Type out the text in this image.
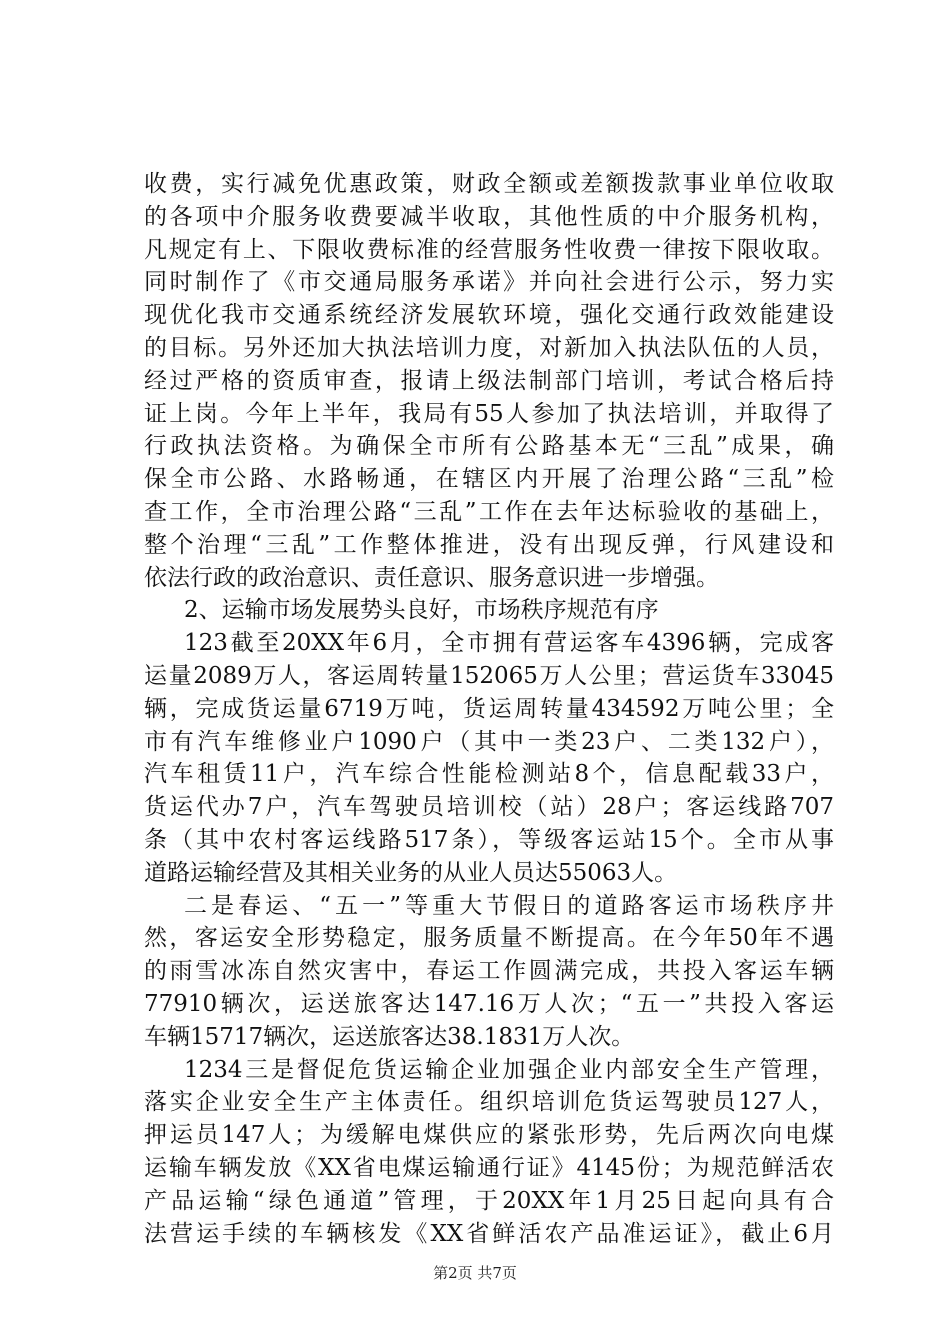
收费，实行减免优惠政策，财政全额或差额拨款事业单位收取
的各项中介服务收费要减半收取，其他性质的中介服务机构，
凡规定有上、下限收费标准的经营服务性收费一律按下限收取。
同时制作了《市交通局服务承诺》并向社会进行公示，努力实
现优化我市交通系统经济发展软环境，强化交通行政效能建设
的目标。另外还加大执法培训力度，对新加入执法队伍的人员，
经过严格的资质审查，报请上级法制部门培训，考试合格后持
证上岗。今年上半年，我局有55人参加了执法培训，并取得了
行政执法资格。为确保全市所有公路基本无“三乱”成果，确
保全市公路、水路畅通，在辖区内开展了治理公路“三乱”检
查工作，全市治理公路“三乱”工作在去年达标验收的基础上，
整个治理“三乱”工作整体推进，没有出现反弹，行风建设和
依法行政的政治意识、责任意识、服务意识进一步增强。
2、运输市场发展势头良好，市场秩序规范有序
123截至20XX年6月，全市拥有营运客车4396辆，完成客
运量2089万人，客运周转量152065万人公里；营运货车33045
辆，完成货运量6719万吨，货运周转量434592万吨公里；全
市有汽车维修业户1090户（其中一类23户、二类132户），
汽车租赁11户，汽车综合性能检测站8个，信息配载33户，
货运代办7户，汽车驾驶员培训校（站）28户；客运线路707
条（其中农村客运线路517条），等级客运站15个。全市从事
道路运输经营及其相关业务的从业人员达55063人。
二是春运、“五一”等重大节假日的道路客运市场秩序井
然，客运安全形势稳定，服务质量不断提高。在今年50年不遇
的雨雪冰冻自然灾害中，春运工作圆满完成，共投入客运车辆
77910辆次，运送旅客达147.16万人次；“五一”共投入客运
车辆15717辆次，运送旅客达38.1831万人次。
1234三是督促危货运输企业加强企业内部安全生产管理，
落实企业安全生产主体责任。组织培训危货运驾驶员127人，
押运员147人；为缓解电煤供应的紧张形势，先后两次向电煤
运输车辆发放《XX省电煤运输通行证》4145份；为规范鲜活农
产品运输“绿色通道”管理，于20XX年1月25日起向具有合
法营运手续的车辆核发《XX省鲜活农产品准运证》，截止6月
第2页 共7页
